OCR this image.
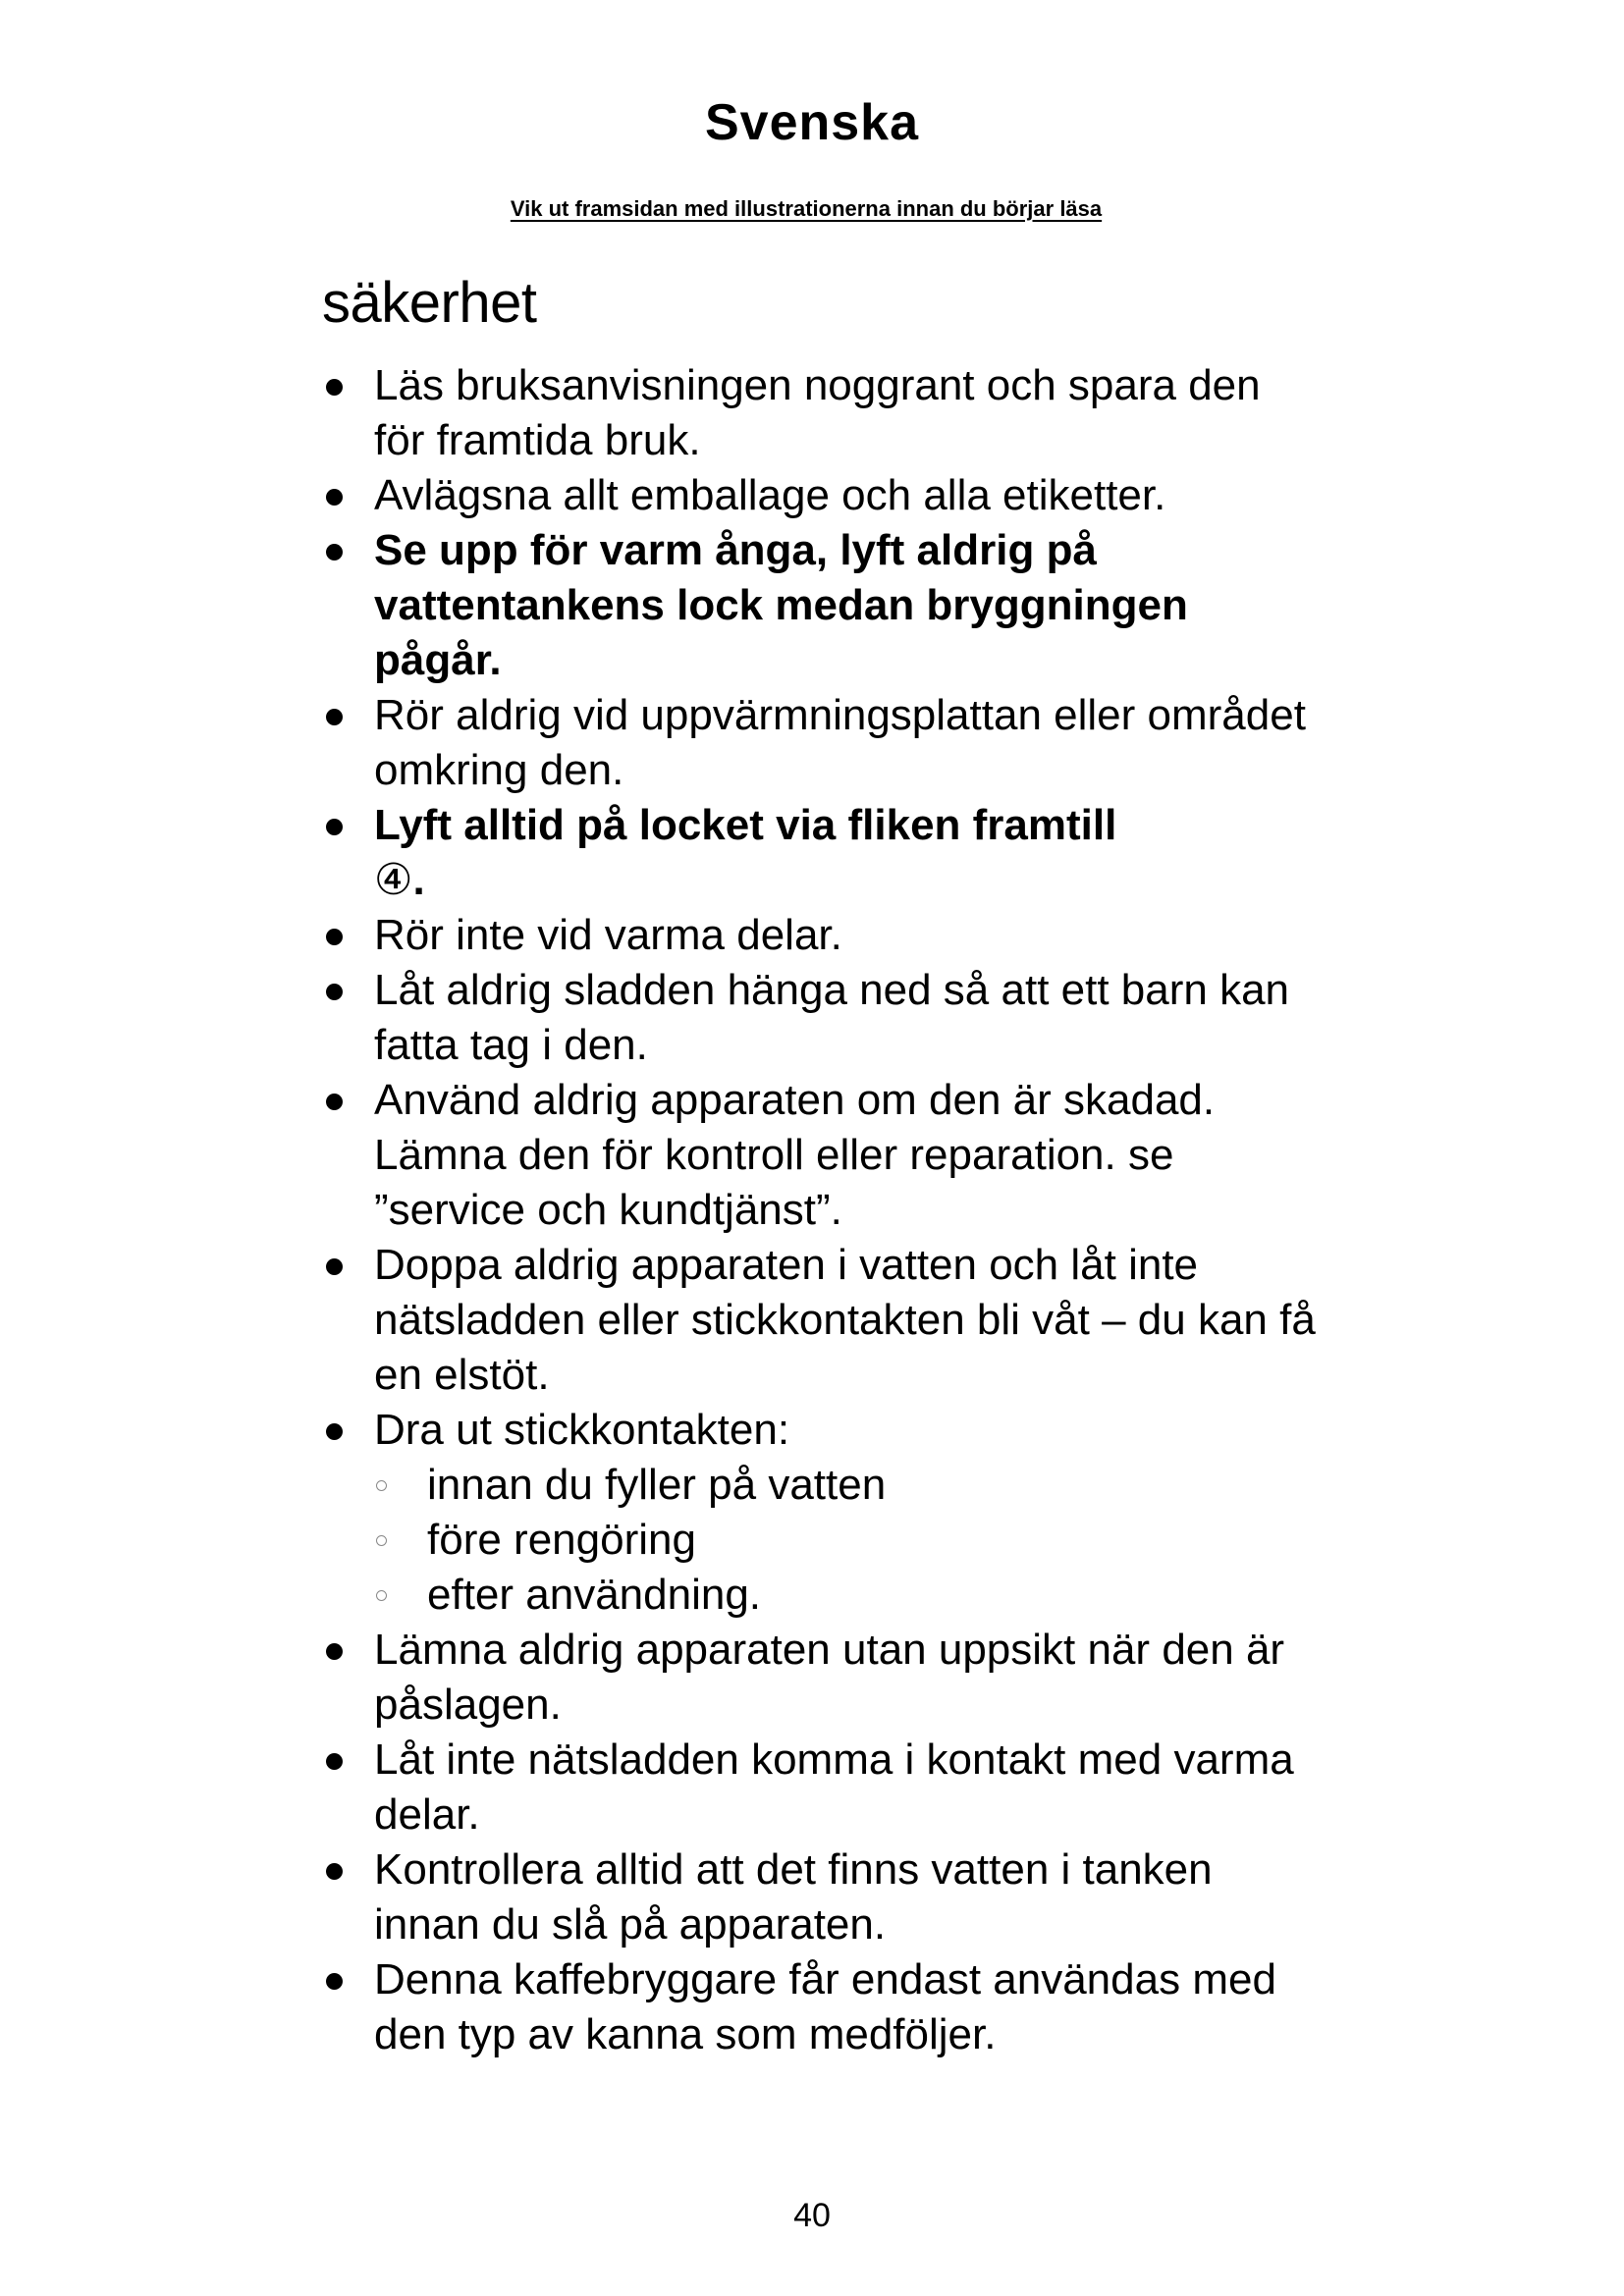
Svenska
Vik ut framsidan med illustrationerna innan du börjar läsa
säkerhet
Läs bruksanvisningen noggrant och spara den för framtida bruk.
Avlägsna allt emballage och alla etiketter.
Se upp för varm ånga, lyft aldrig på vattentankens lock medan bryggningen pågår.
Rör aldrig vid uppvärmningsplattan eller området omkring den.
Lyft alltid på locket via fliken framtill
④.
Rör inte vid varma delar.
Låt aldrig sladden hänga ned så att ett barn kan fatta tag i den.
Använd aldrig apparaten om den är skadad. Lämna den för kontroll eller reparation. se ”service och kundtjänst”.
Doppa aldrig apparaten i vatten och låt inte nätsladden eller stickkontakten bli våt – du kan få en elstöt.
Dra ut stickkontakten:
innan du fyller på vatten
före rengöring
efter användning.
Lämna aldrig apparaten utan uppsikt när den är påslagen.
Låt inte nätsladden komma i kontakt med varma delar.
Kontrollera alltid att det finns vatten i tanken innan du slå på apparaten.
Denna kaffebryggare får endast användas med den typ av kanna som medföljer.
40
